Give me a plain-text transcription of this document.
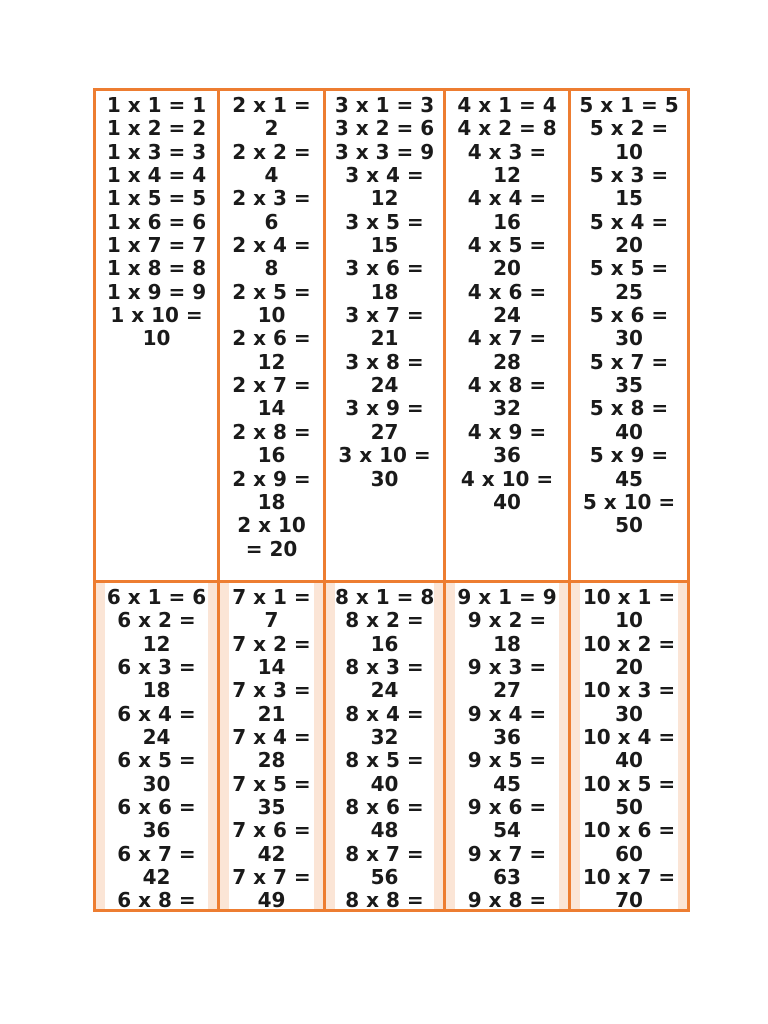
1 x 1 = 1
1 x 2 = 2
1 x 3 = 3
1 x 4 = 4
1 x 5 = 5
1 x 6 = 6
1 x 7 = 7
1 x 8 = 8
1 x 9 = 9
1 x 10 =
10
2 x 1 =
2
2 x 2 =
4
2 x 3 =
6
2 x 4 =
8
2 x 5 =
10
2 x 6 =
12
2 x 7 =
14
2 x 8 =
16
2 x 9 =
18
2 x 10
= 20
3 x 1 = 3
3 x 2 = 6
3 x 3 = 9
3 x 4 =
12
3 x 5 =
15
3 x 6 =
18
3 x 7 =
21
3 x 8 =
24
3 x 9 =
27
3 x 10 =
30
4 x 1 = 4
4 x 2 = 8
4 x 3 =
12
4 x 4 =
16
4 x 5 =
20
4 x 6 =
24
4 x 7 =
28
4 x 8 =
32
4 x 9 =
36
4 x 10 =
40
5 x 1 = 5
5 x 2 =
10
5 x 3 =
15
5 x 4 =
20
5 x 5 =
25
5 x 6 =
30
5 x 7 =
35
5 x 8 =
40
5 x 9 =
45
5 x 10 =
50
6 x 1 = 6
6 x 2 =
12
6 x 3 =
18
6 x 4 =
24
6 x 5 =
30
6 x 6 =
36
6 x 7 =
42
6 x 8 =
7 x 1 =
7
7 x 2 =
14
7 x 3 =
21
7 x 4 =
28
7 x 5 =
35
7 x 6 =
42
7 x 7 =
49
8 x 1 = 8
8 x 2 =
16
8 x 3 =
24
8 x 4 =
32
8 x 5 =
40
8 x 6 =
48
8 x 7 =
56
8 x 8 =
9 x 1 = 9
9 x 2 =
18
9 x 3 =
27
9 x 4 =
36
9 x 5 =
45
9 x 6 =
54
9 x 7 =
63
9 x 8 =
10 x 1 =
10
10 x 2 =
20
10 x 3 =
30
10 x 4 =
40
10 x 5 =
50
10 x 6 =
60
10 x 7 =
70
